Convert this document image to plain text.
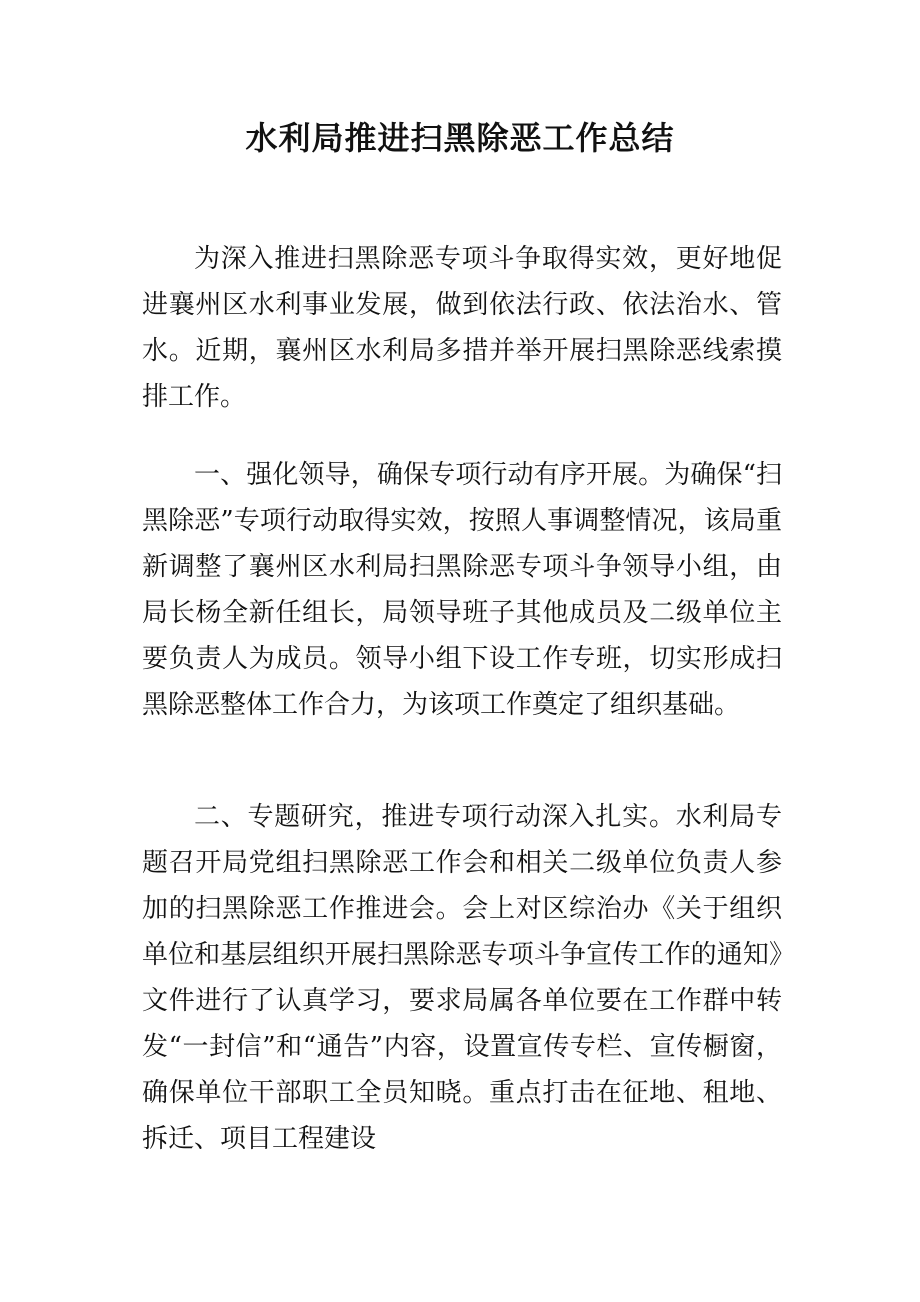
水利局推进扫黑除恶工作总结

为深入推进扫黑除恶专项斗争取得实效，更好地促进襄州区水利事业发展，做到依法行政、依法治水、管水。近期，襄州区水利局多措并举开展扫黑除恶线索摸排工作。

一、强化领导，确保专项行动有序开展。为确保“扫黑除恶”专项行动取得实效，按照人事调整情况，该局重新调整了襄州区水利局扫黑除恶专项斗争领导小组，由局长杨全新任组长，局领导班子其他成员及二级单位主要负责人为成员。领导小组下设工作专班，切实形成扫黑除恶整体工作合力，为该项工作奠定了组织基础。

二、专题研究，推进专项行动深入扎实。水利局专题召开局党组扫黑除恶工作会和相关二级单位负责人参加的扫黑除恶工作推进会。会上对区综治办《关于组织单位和基层组织开展扫黑除恶专项斗争宣传工作的通知》文件进行了认真学习，要求局属各单位要在工作群中转发“一封信”和“通告”内容，设置宣传专栏、宣传橱窗，确保单位干部职工全员知晓。重点打击在征地、租地、拆迁、项目工程建设
